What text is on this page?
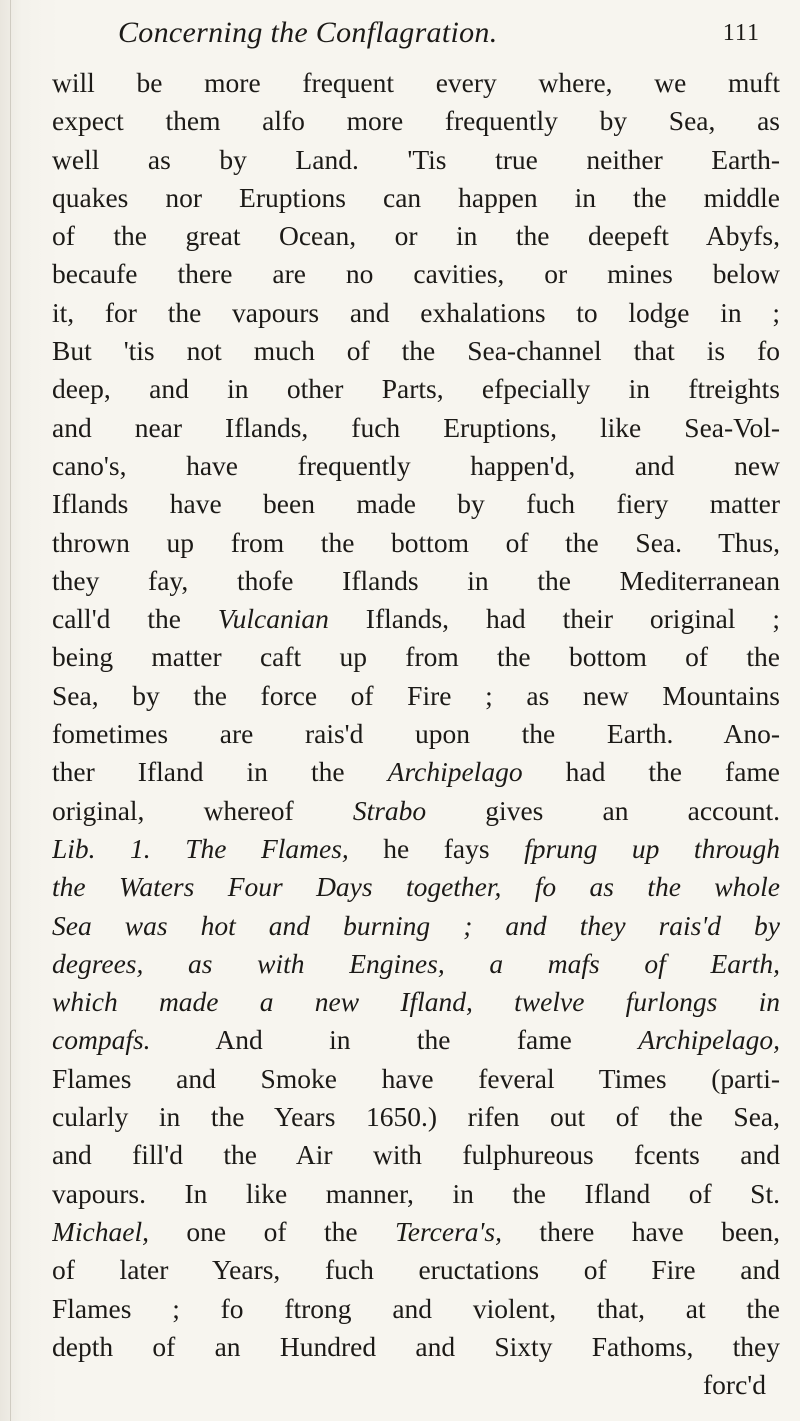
Concerning the Conflagration.	111
will be more frequent every where, we muft
expect them alfo more frequently by Sea, as
well as by Land. 'Tis true neither Earth-
quakes nor Eruptions can happen in the middle
of the great Ocean, or in the deepeft Abyfs,
becaufe there are no cavities, or mines below
it, for the vapours and exhalations to lodge in ;
But 'tis not much of the Sea-channel that is fo
deep, and in other Parts, efpecially in ftreights
and near Iflands, fuch Eruptions, like Sea-Vol-
cano's, have frequently happen'd, and new
Iflands have been made by fuch fiery matter
thrown up from the bottom of the Sea. Thus,
they fay, thofe Iflands in the Mediterranean
call'd the Vulcanian Iflands, had their original ;
being matter caft up from the bottom of the
Sea, by the force of Fire ; as new Mountains
fometimes are rais'd upon the Earth. Ano-
ther Ifland in the Archipelago had the fame
original, whereof Strabo gives an account.
Lib. 1. The Flames, he fays fprung up through
the Waters Four Days together, fo as the whole
Sea was hot and burning ; and they rais'd by
degrees, as with Engines, a mafs of Earth,
which made a new Ifland, twelve furlongs in
compafs. And in the fame Archipelago,
Flames and Smoke have feveral Times (parti-
cularly in the Years 1650.) rifen out of the Sea,
and fill'd the Air with fulphureous fcents and
vapours. In like manner, in the Ifland of St.
Michael, one of the Tercera's, there have been,
of later Years, fuch eructations of Fire and
Flames ; fo ftrong and violent, that, at the
depth of an Hundred and Sixty Fathoms, they
forc'd
